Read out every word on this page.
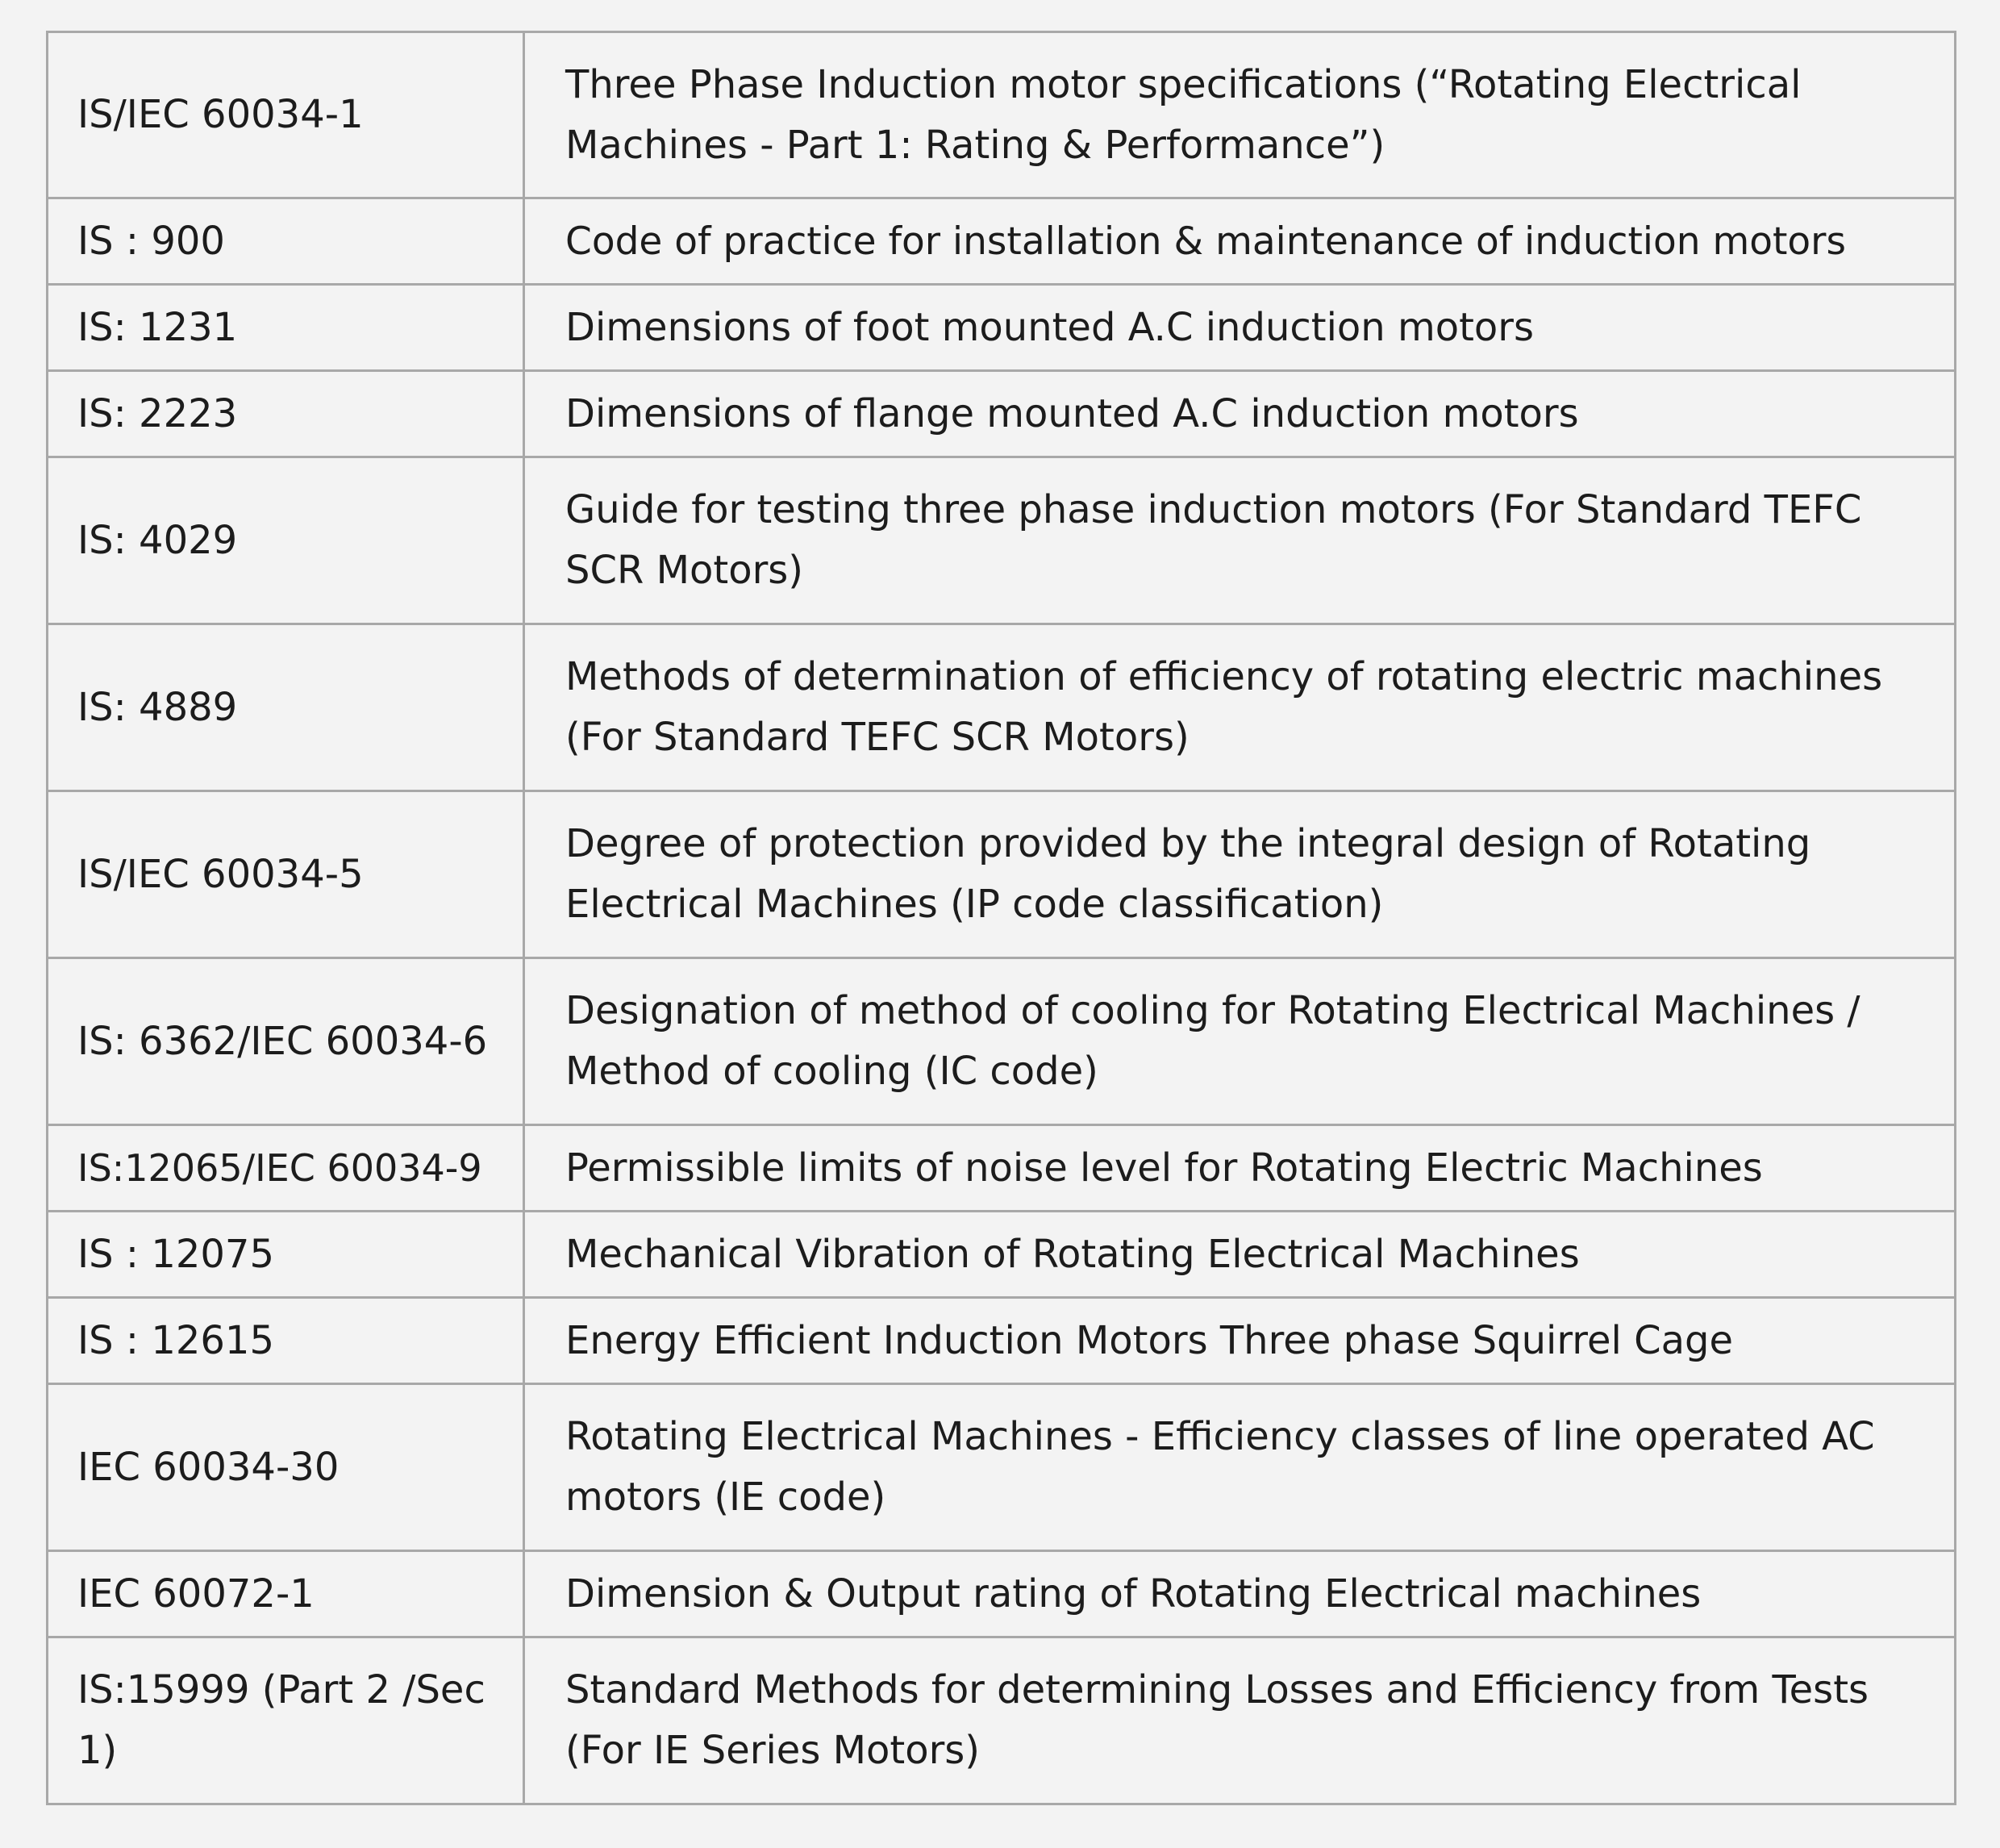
IS/IEC 60034-1	Three Phase Induction motor specifications (“Rotating Electrical Machines - Part 1: Rating & Performance”)

IS : 900	Code of practice for installation & maintenance of induction motors

IS: 1231	Dimensions of foot mounted A.C induction motors

IS: 2223	Dimensions of flange mounted A.C induction motors

IS: 4029	Guide for testing three phase induction motors (For Standard TEFC SCR Motors)

IS: 4889	Methods of determination of efficiency of rotating electric machines (For Standard TEFC SCR Motors)

IS/IEC 60034-5	Degree of protection provided by the integral design of Rotating Electrical Machines (IP code classification)

IS: 6362/IEC 60034-6	Designation of method of cooling for Rotating Electrical Machines / Method of cooling (IC code)

IS:12065/IEC 60034-9	Permissible limits of noise level for Rotating Electric Machines

IS : 12075	Mechanical Vibration of Rotating Electrical Machines

IS : 12615	Energy Efficient Induction Motors Three phase Squirrel Cage

IEC 60034-30	Rotating Electrical Machines - Efficiency classes of line operated AC motors (IE code)

IEC 60072-1	Dimension & Output rating of Rotating Electrical machines

IS:15999 (Part 2 /Sec 1)	Standard Methods for determining Losses and Efficiency from Tests (For IE Series Motors)
